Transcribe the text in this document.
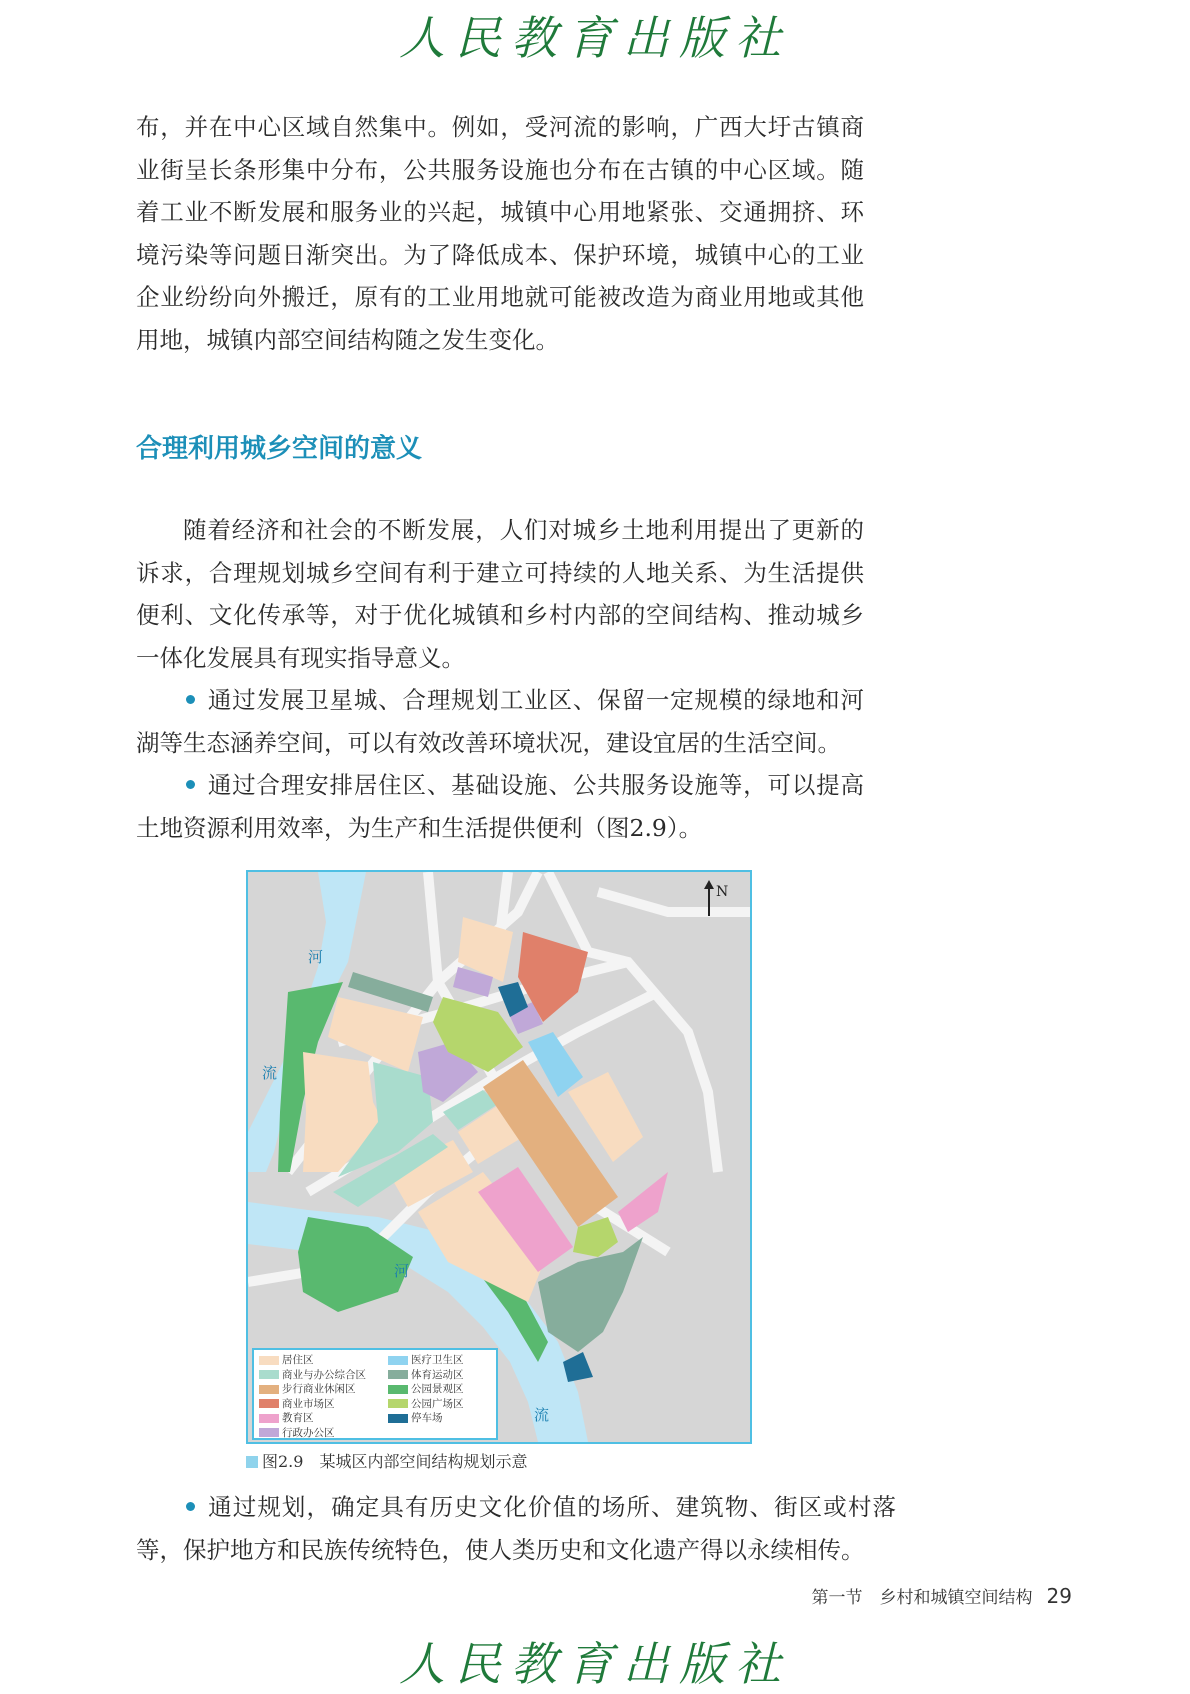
人民教育出版社

布，并在中心区域自然集中。例如，受河流的影响，广西大圩古镇商业街呈长条形集中分布，公共服务设施也分布在古镇的中心区域。随着工业不断发展和服务业的兴起，城镇中心用地紧张、交通拥挤、环境污染等问题日渐突出。为了降低成本、保护环境，城镇中心的工业企业纷纷向外搬迁，原有的工业用地就可能被改造为商业用地或其他用地，城镇内部空间结构随之发生变化。

合理利用城乡空间的意义

随着经济和社会的不断发展，人们对城乡土地利用提出了更新的诉求，合理规划城乡空间有利于建立可持续的人地关系、为生活提供便利、文化传承等，对于优化城镇和乡村内部的空间结构、推动城乡一体化发展具有现实指导意义。

通过发展卫星城、合理规划工业区、保留一定规模的绿地和河湖等生态涵养空间，可以有效改善环境状况，建设宜居的生活空间。

通过合理安排居住区、基础设施、公共服务设施等，可以提高土地资源利用效率，为生产和生活提供便利（图2.9）。

N
河
流
河
流
居住区
商业与办公综合区
步行商业休闲区
商业市场区
教育区
行政办公区
医疗卫生区
体育运动区
公园景观区
公园广场区
停车场
图2.9　 某城区内部空间结构规划示意

通过规划，确定具有历史文化价值的场所、建筑物、街区或村落等，保护地方和民族传统特色，使人类历史和文化遗产得以永续相传。

第一节　乡村和城镇空间结构 29
人民教育出版社
